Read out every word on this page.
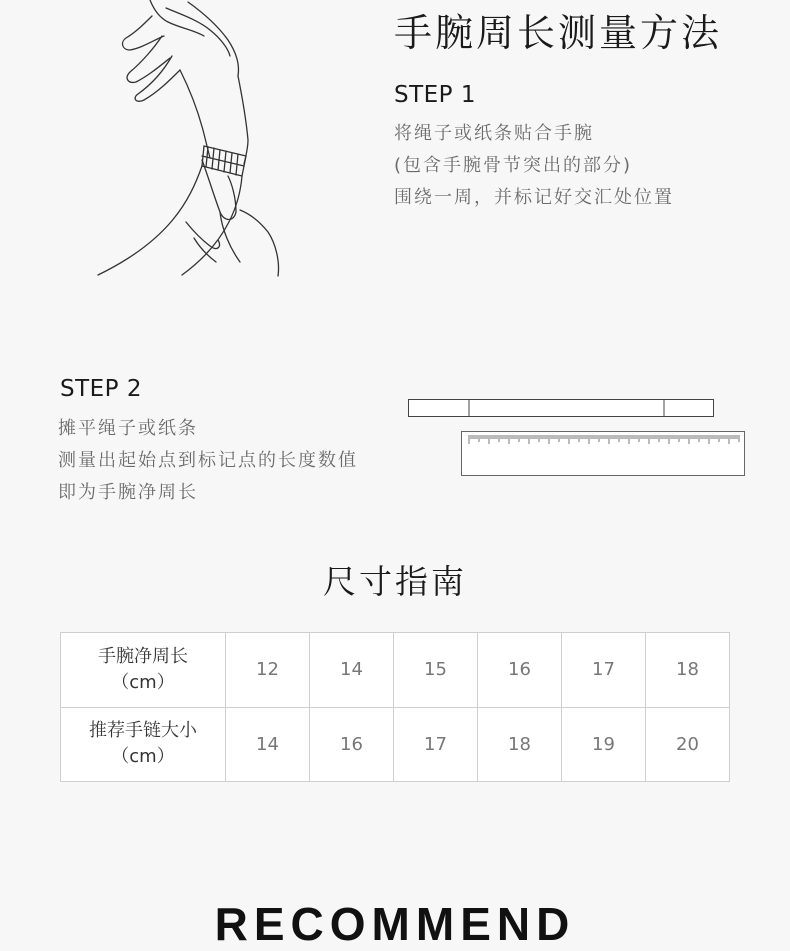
手腕周长测量方法
STEP 1
将绳子或纸条贴合手腕
(包含手腕骨节突出的部分)
围绕一周，并标记好交汇处位置
STEP 2
摊平绳子或纸条
测量出起始点到标记点的长度数值
即为手腕净周长
尺寸指南
手腕净周长
（cm）	12	14	15	16	17	18

推荐手链大小
（cm）	14	16	17	18	19	20
RECOMMEND
